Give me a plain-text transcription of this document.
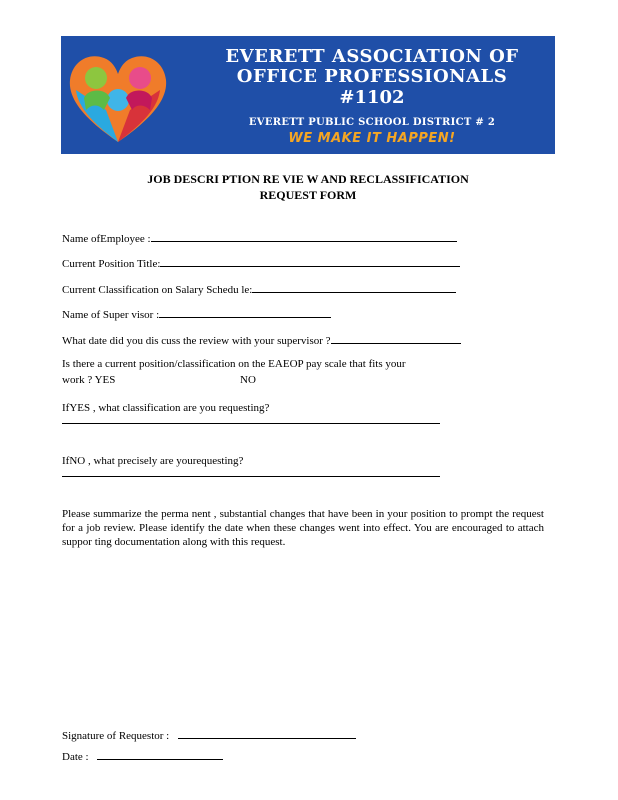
EVERETT ASSOCIATION OF
OFFICE PROFESSIONALS
#1102
EVERETT PUBLIC SCHOOL DISTRICT # 2
WE MAKE IT HAPPEN!
JOB DESCRI PTION RE VIE W AND RECLASSIFICATION
REQUEST FORM
Name ofEmployee :
Current Position Title:
Current Classification on Salary Schedu le:
Name of Super visor :
What date did you dis cuss the review with your supervisor ?
Is there a current position/classification on the EAEOP pay scale that fits your
work ? YES	NO
IfYES , what classification are you requesting?
IfNO , what precisely are yourequesting?
Please summarize the perma nent , substantial changes that have been in your position to prompt the request for a job review. Please identify the date when these changes went into effect. You are encouraged to attach suppor ting documentation along with this request.
Signature of Requestor :
Date :
